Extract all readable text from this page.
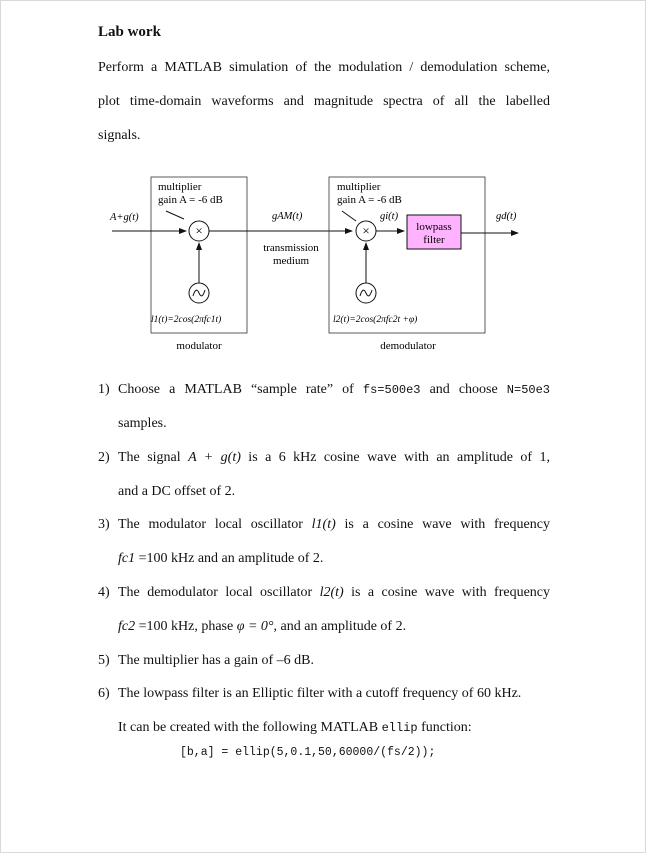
Lab work
Perform a MATLAB simulation of the modulation / demodulation scheme,
plot time-domain waveforms and magnitude spectra of all the labelled
signals.
multiplier
gain A = -6 dB
A+g(t)
×
l1(t)=2cos(2πfc1t)
modulator
gAM(t)
transmission
medium
multiplier
gain A = -6 dB
×
gi(t)
lowpass
filter
gd(t)
l2(t)=2cos(2πfc2t +φ)
demodulator
1) Choose a MATLAB “sample rate” of fs=500e3 and choose N=50e3
samples.
2) The signal A + g(t) is a 6 kHz cosine wave with an amplitude of 1,
and a DC offset of 2.
3) The modulator local oscillator l1(t) is a cosine wave with frequency
fc1 =100 kHz and an amplitude of 2.
4) The demodulator local oscillator l2(t) is a cosine wave with frequency
fc2 =100 kHz, phase φ = 0°, and an amplitude of 2.
5) The multiplier has a gain of –6 dB.
6) The lowpass filter is an Elliptic filter with a cutoff frequency of 60 kHz.
It can be created with the following MATLAB ellip function:
[b,a] = ellip(5,0.1,50,60000/(fs/2));
